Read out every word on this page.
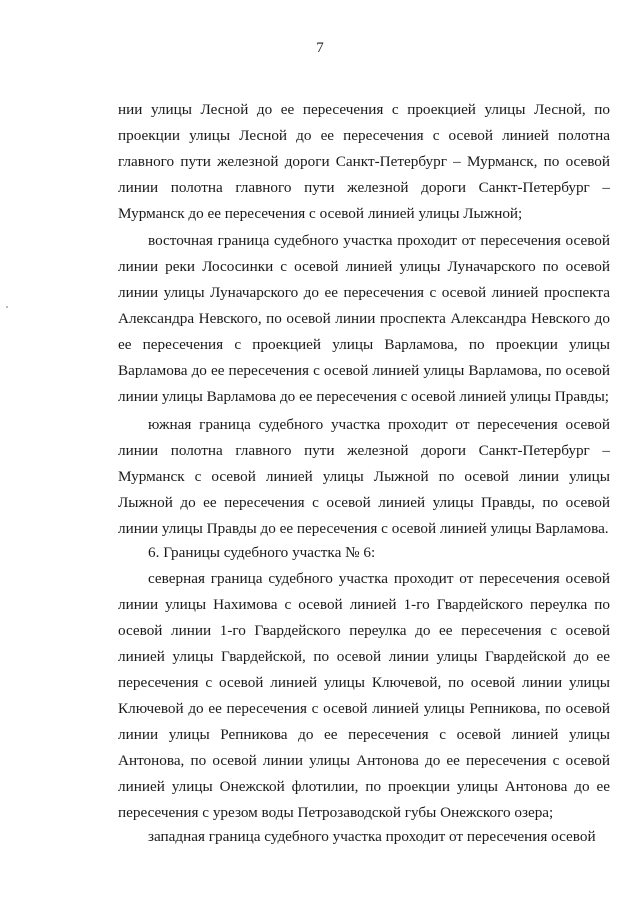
7

нии улицы Лесной до ее пересечения с проекцией улицы Лесной, по проекции улицы Лесной до ее пересечения с осевой линией полотна главного пути железной дороги Санкт-Петербург – Мурманск, по осевой линии полотна главного пути железной дороги Санкт-Петербург – Мурманск до ее пересечения с осевой линией улицы Лыжной;

восточная граница судебного участка проходит от пересечения осевой линии реки Лососинки с осевой линией улицы Луначарского по осевой линии улицы Луначарского до ее пересечения с осевой линией проспекта Александра Невского, по осевой линии проспекта Александра Невского до ее пересечения с проекцией улицы Варламова, по проекции улицы Варламова до ее пересечения с осевой линией улицы Варламова, по осевой линии улицы Варламова до ее пересечения с осевой линией улицы Правды;

южная граница судебного участка проходит от пересечения осевой линии полотна главного пути железной дороги Санкт-Петербург – Мурманск с осевой линией улицы Лыжной по осевой линии улицы Лыжной до ее пересечения с осевой линией улицы Правды, по осевой линии улицы Правды до ее пересечения с осевой линией улицы Варламова.

6. Границы судебного участка № 6:

северная граница судебного участка проходит от пересечения осевой линии улицы Нахимова с осевой линией 1-го Гвардейского переулка по осевой линии 1-го Гвардейского переулка до ее пересечения с осевой линией улицы Гвардейской, по осевой линии улицы Гвардейской до ее пересечения с осевой линией улицы Ключевой, по осевой линии улицы Ключевой до ее пересечения с осевой линией улицы Репникова, по осевой линии улицы Репникова до ее пересечения с осевой линией улицы Антонова, по осевой линии улицы Антонова до ее пересечения с осевой линией улицы Онежской флотилии, по проекции улицы Антонова до ее пересечения с урезом воды Петрозаводской губы Онежского озера;

западная граница судебного участка проходит от пересечения осевой
